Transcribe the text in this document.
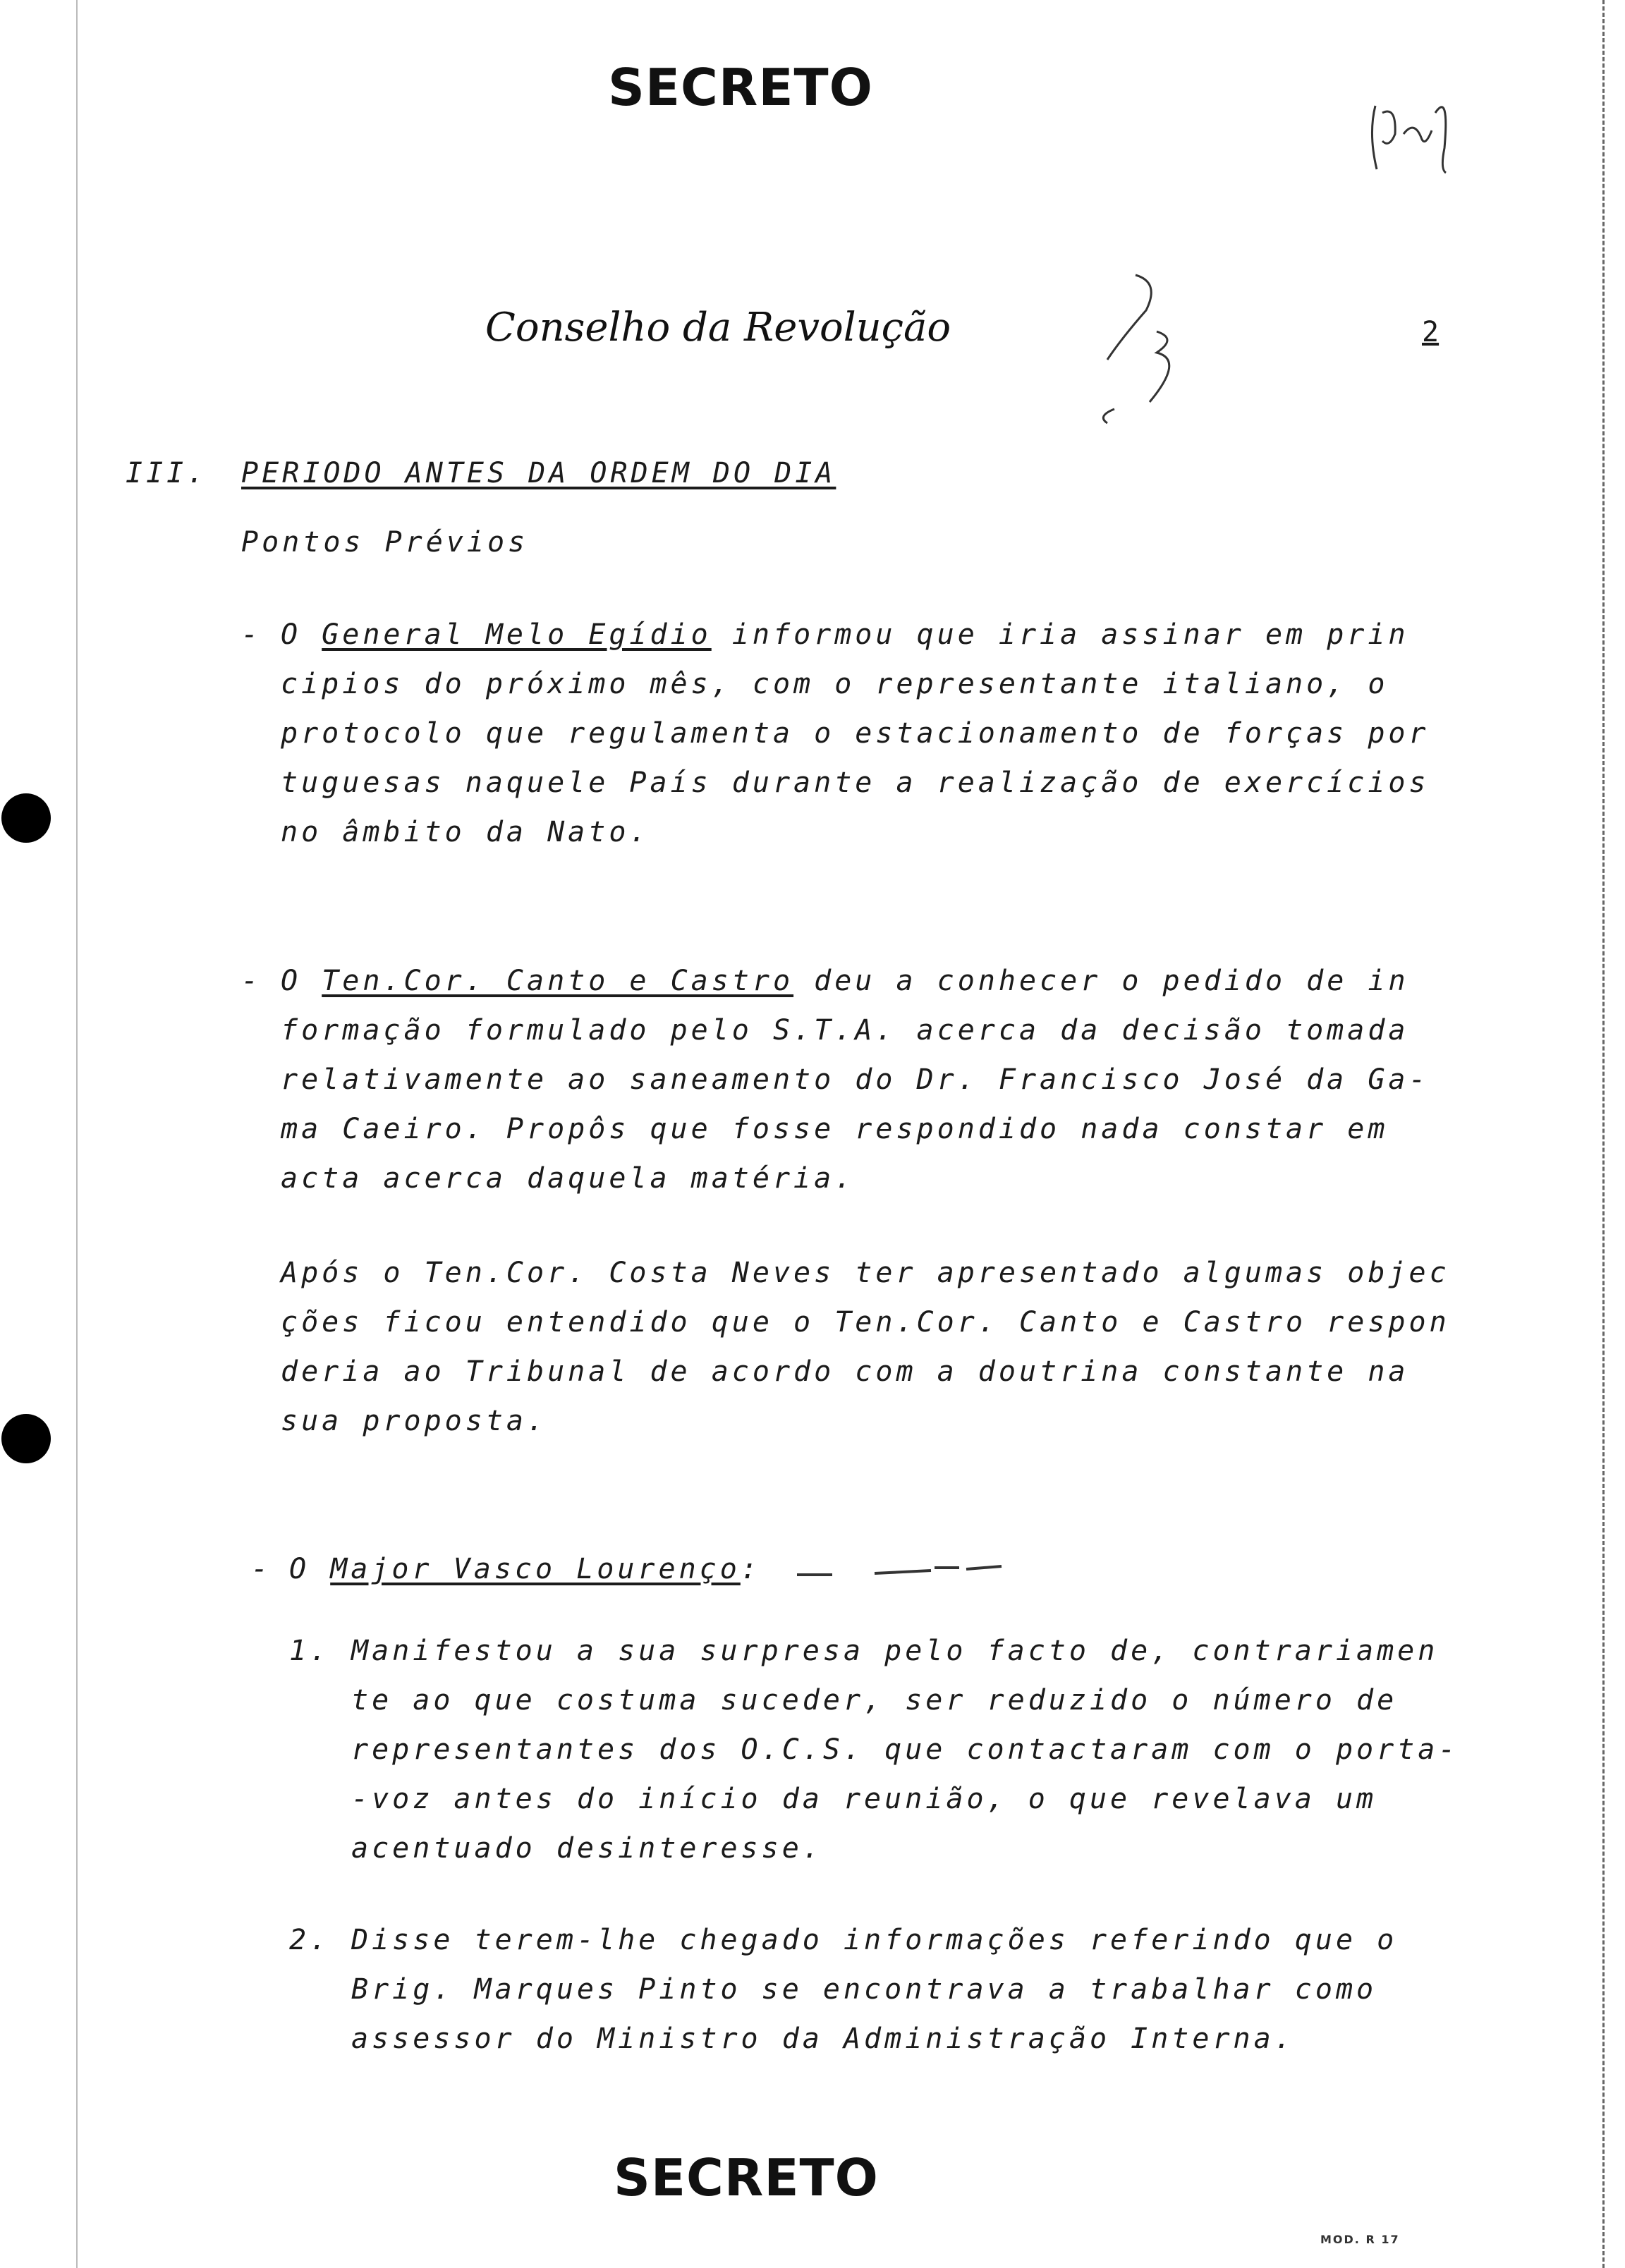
SECRETO
Conselho da Revolução	2
III. PERIODO ANTES DA ORDEM DO DIA
Pontos Prévios
- O General Melo Egídio informou que iria assinar em prin
cipios do próximo mês, com o representante italiano, o
protocolo que regulamenta o estacionamento de forças por
tuguesas naquele País durante a realização de exercícios
no âmbito da Nato.
- O Ten.Cor. Canto e Castro deu a conhecer o pedido de in
formação formulado pelo S.T.A. acerca da decisão tomada
relativamente ao saneamento do Dr. Francisco José da Ga-
ma Caeiro. Propôs que fosse respondido nada constar em
acta acerca daquela matéria.
Após o Ten.Cor. Costa Neves ter apresentado algumas objec
ções ficou entendido que o Ten.Cor. Canto e Castro respon
deria ao Tribunal de acordo com a doutrina constante na
sua proposta.
- O Major Vasco Lourenço:
1. Manifestou a sua surpresa pelo facto de, contrariamen
te ao que costuma suceder, ser reduzido o número de
representantes dos O.C.S. que contactaram com o porta-
-voz antes do início da reunião, o que revelava um
acentuado desinteresse.
2. Disse terem-lhe chegado informações referindo que o
Brig. Marques Pinto se encontrava a trabalhar como
assessor do Ministro da Administração Interna.
SECRETO
MOD. R 17
